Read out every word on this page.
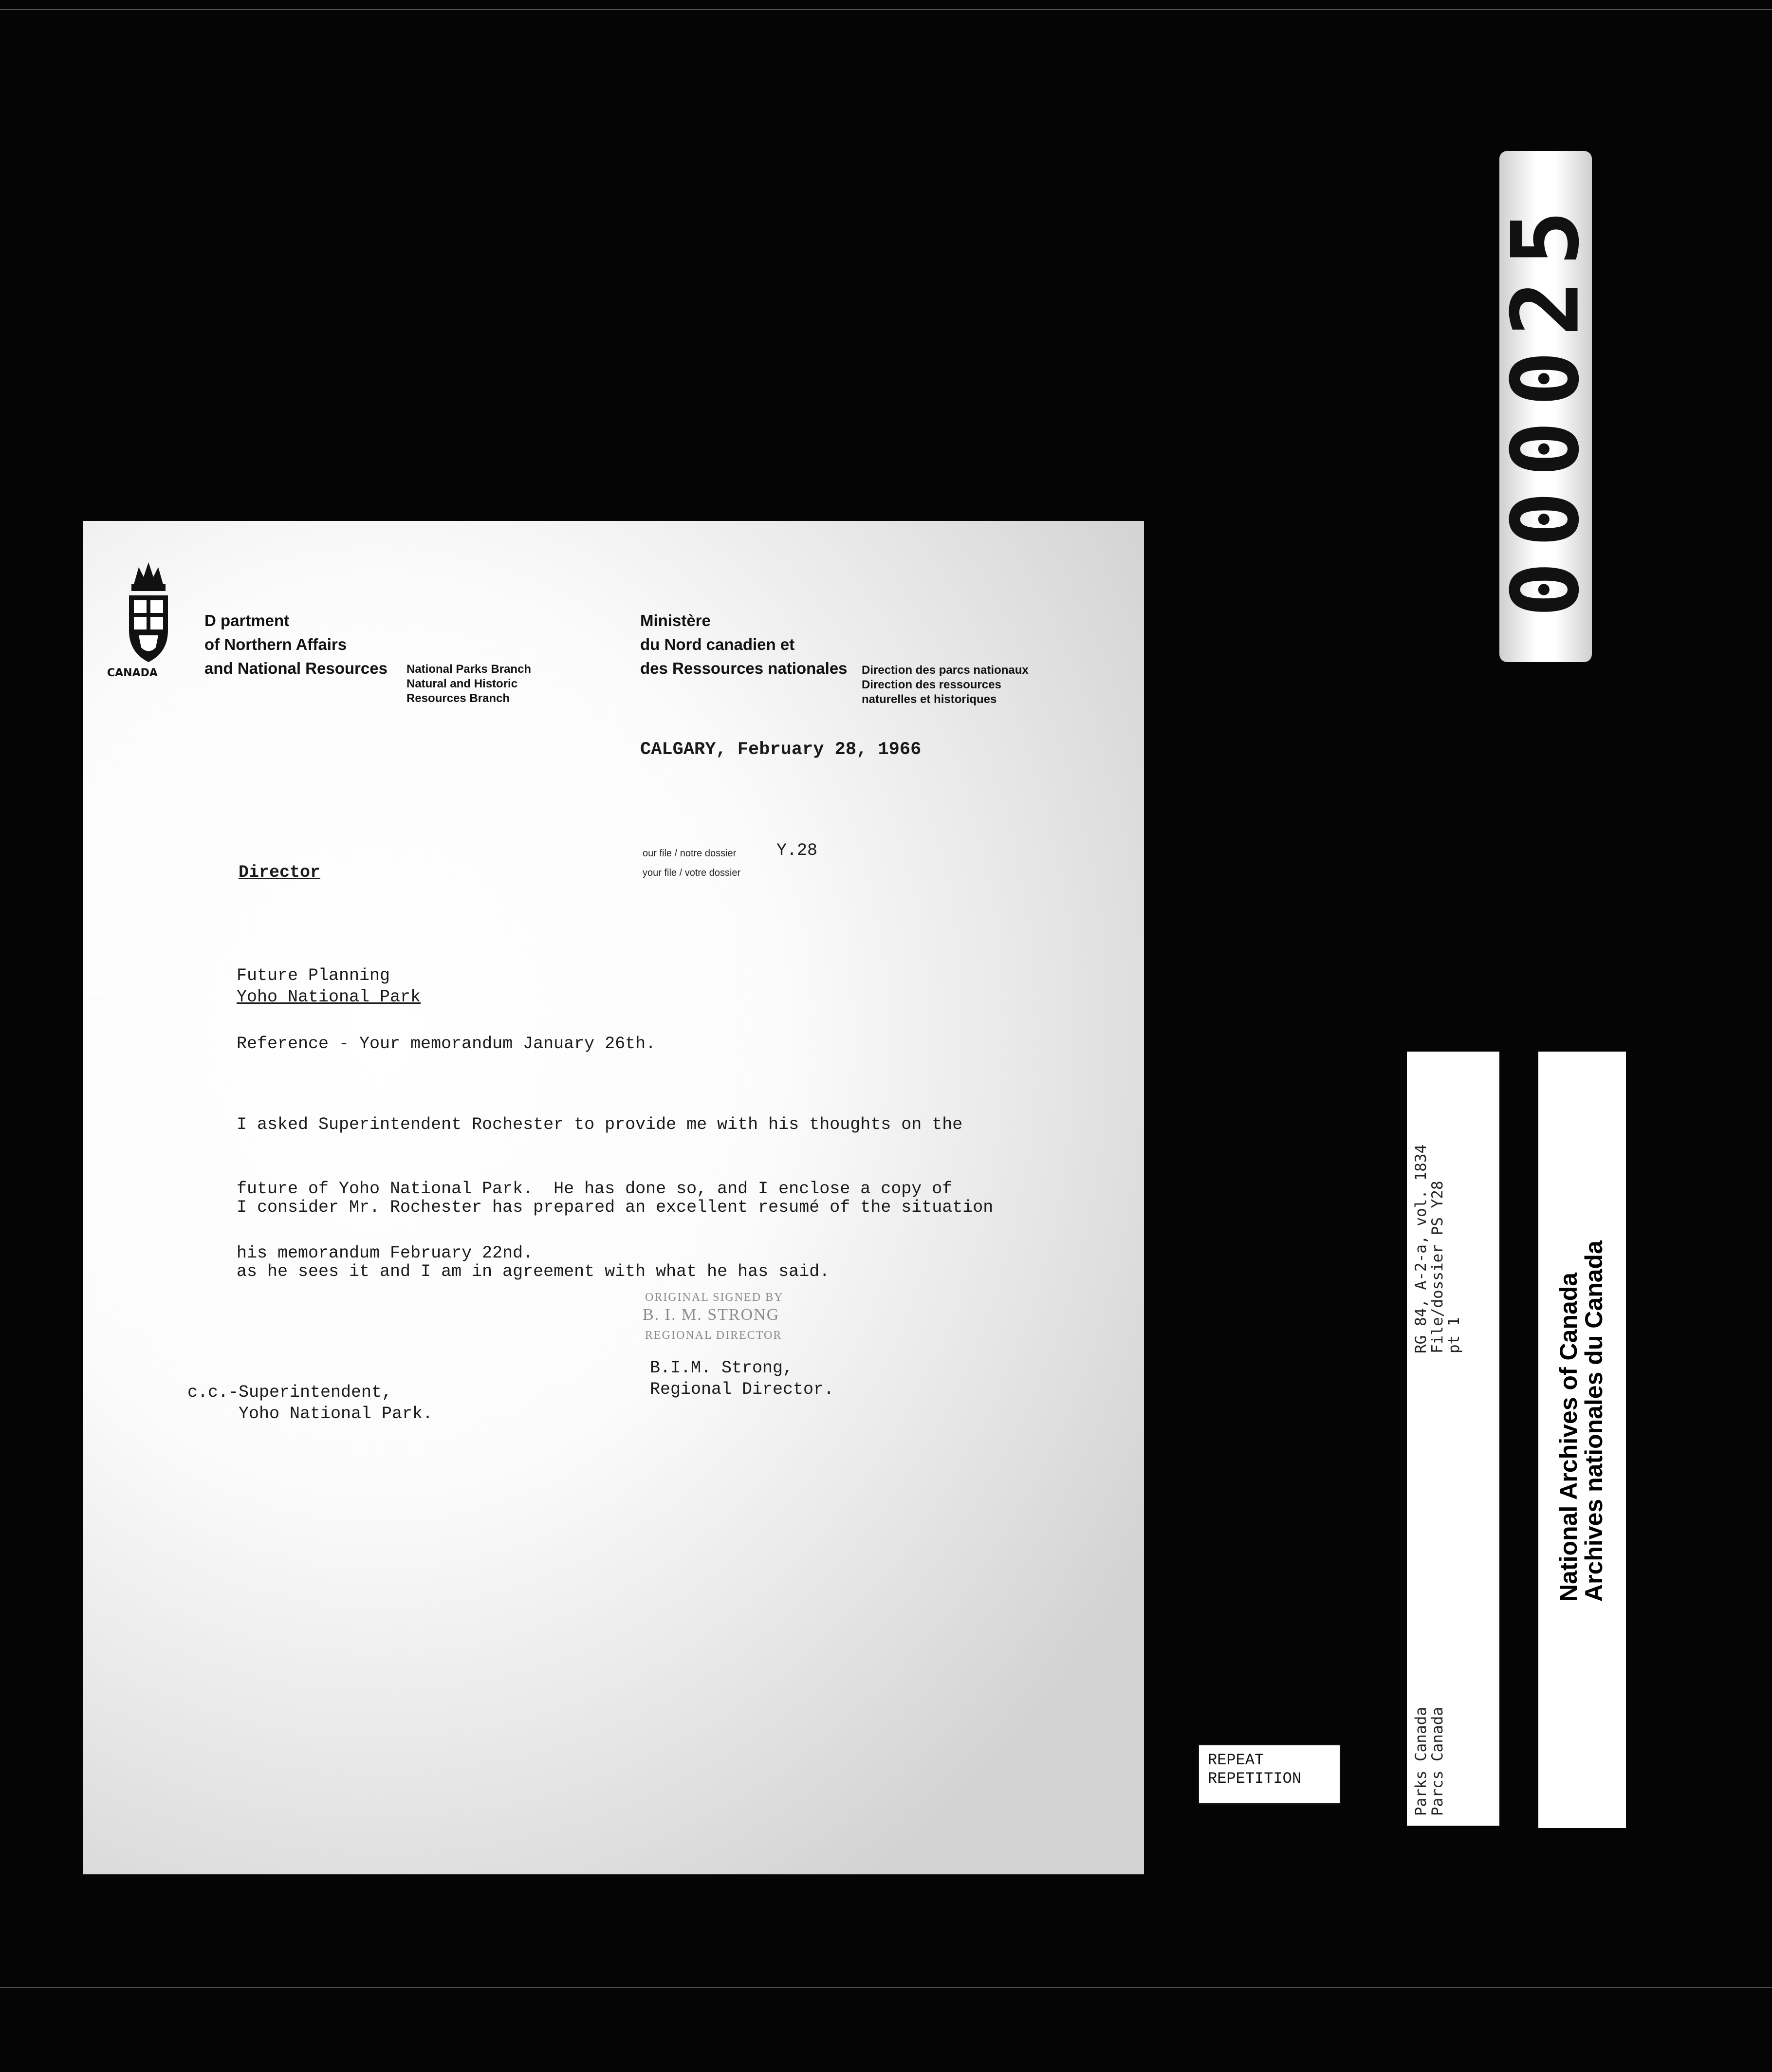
CANADA
D partment
of Northern Affairs
and National Resources National Parks Branch
Natural and Historic
Resources Branch
Ministère
du Nord canadien et
des Ressources nationales Direction des parcs nationaux
Direction des ressources
naturelles et historiques
CALGARY, February 28, 1966
our file / notre dossier Y.28
your file / votre dossier
Director
Future Planning
Yoho National Park
Reference - Your memorandum January 26th.

I asked Superintendent Rochester to provide me with his thoughts on the

future of Yoho National Park.  He has done so, and I enclose a copy of

his memorandum February 22nd.

I consider Mr. Rochester has prepared an excellent resumé of the situation

as he sees it and I am in agreement with what he has said.

ORIGINAL SIGNED BY
B. I. M. STRONG
REGIONAL DIRECTOR
B.I.M. Strong,
Regional Director.
c.c.-Superintendent,
Yoho National Park.
000025
RG 84, A-2-a, vol. 1834
File/dossier PS Y28
pt 1
Parks Canada
Parcs Canada
National Archives of Canada
Archives nationales du Canada
REPEAT
REPETITION
